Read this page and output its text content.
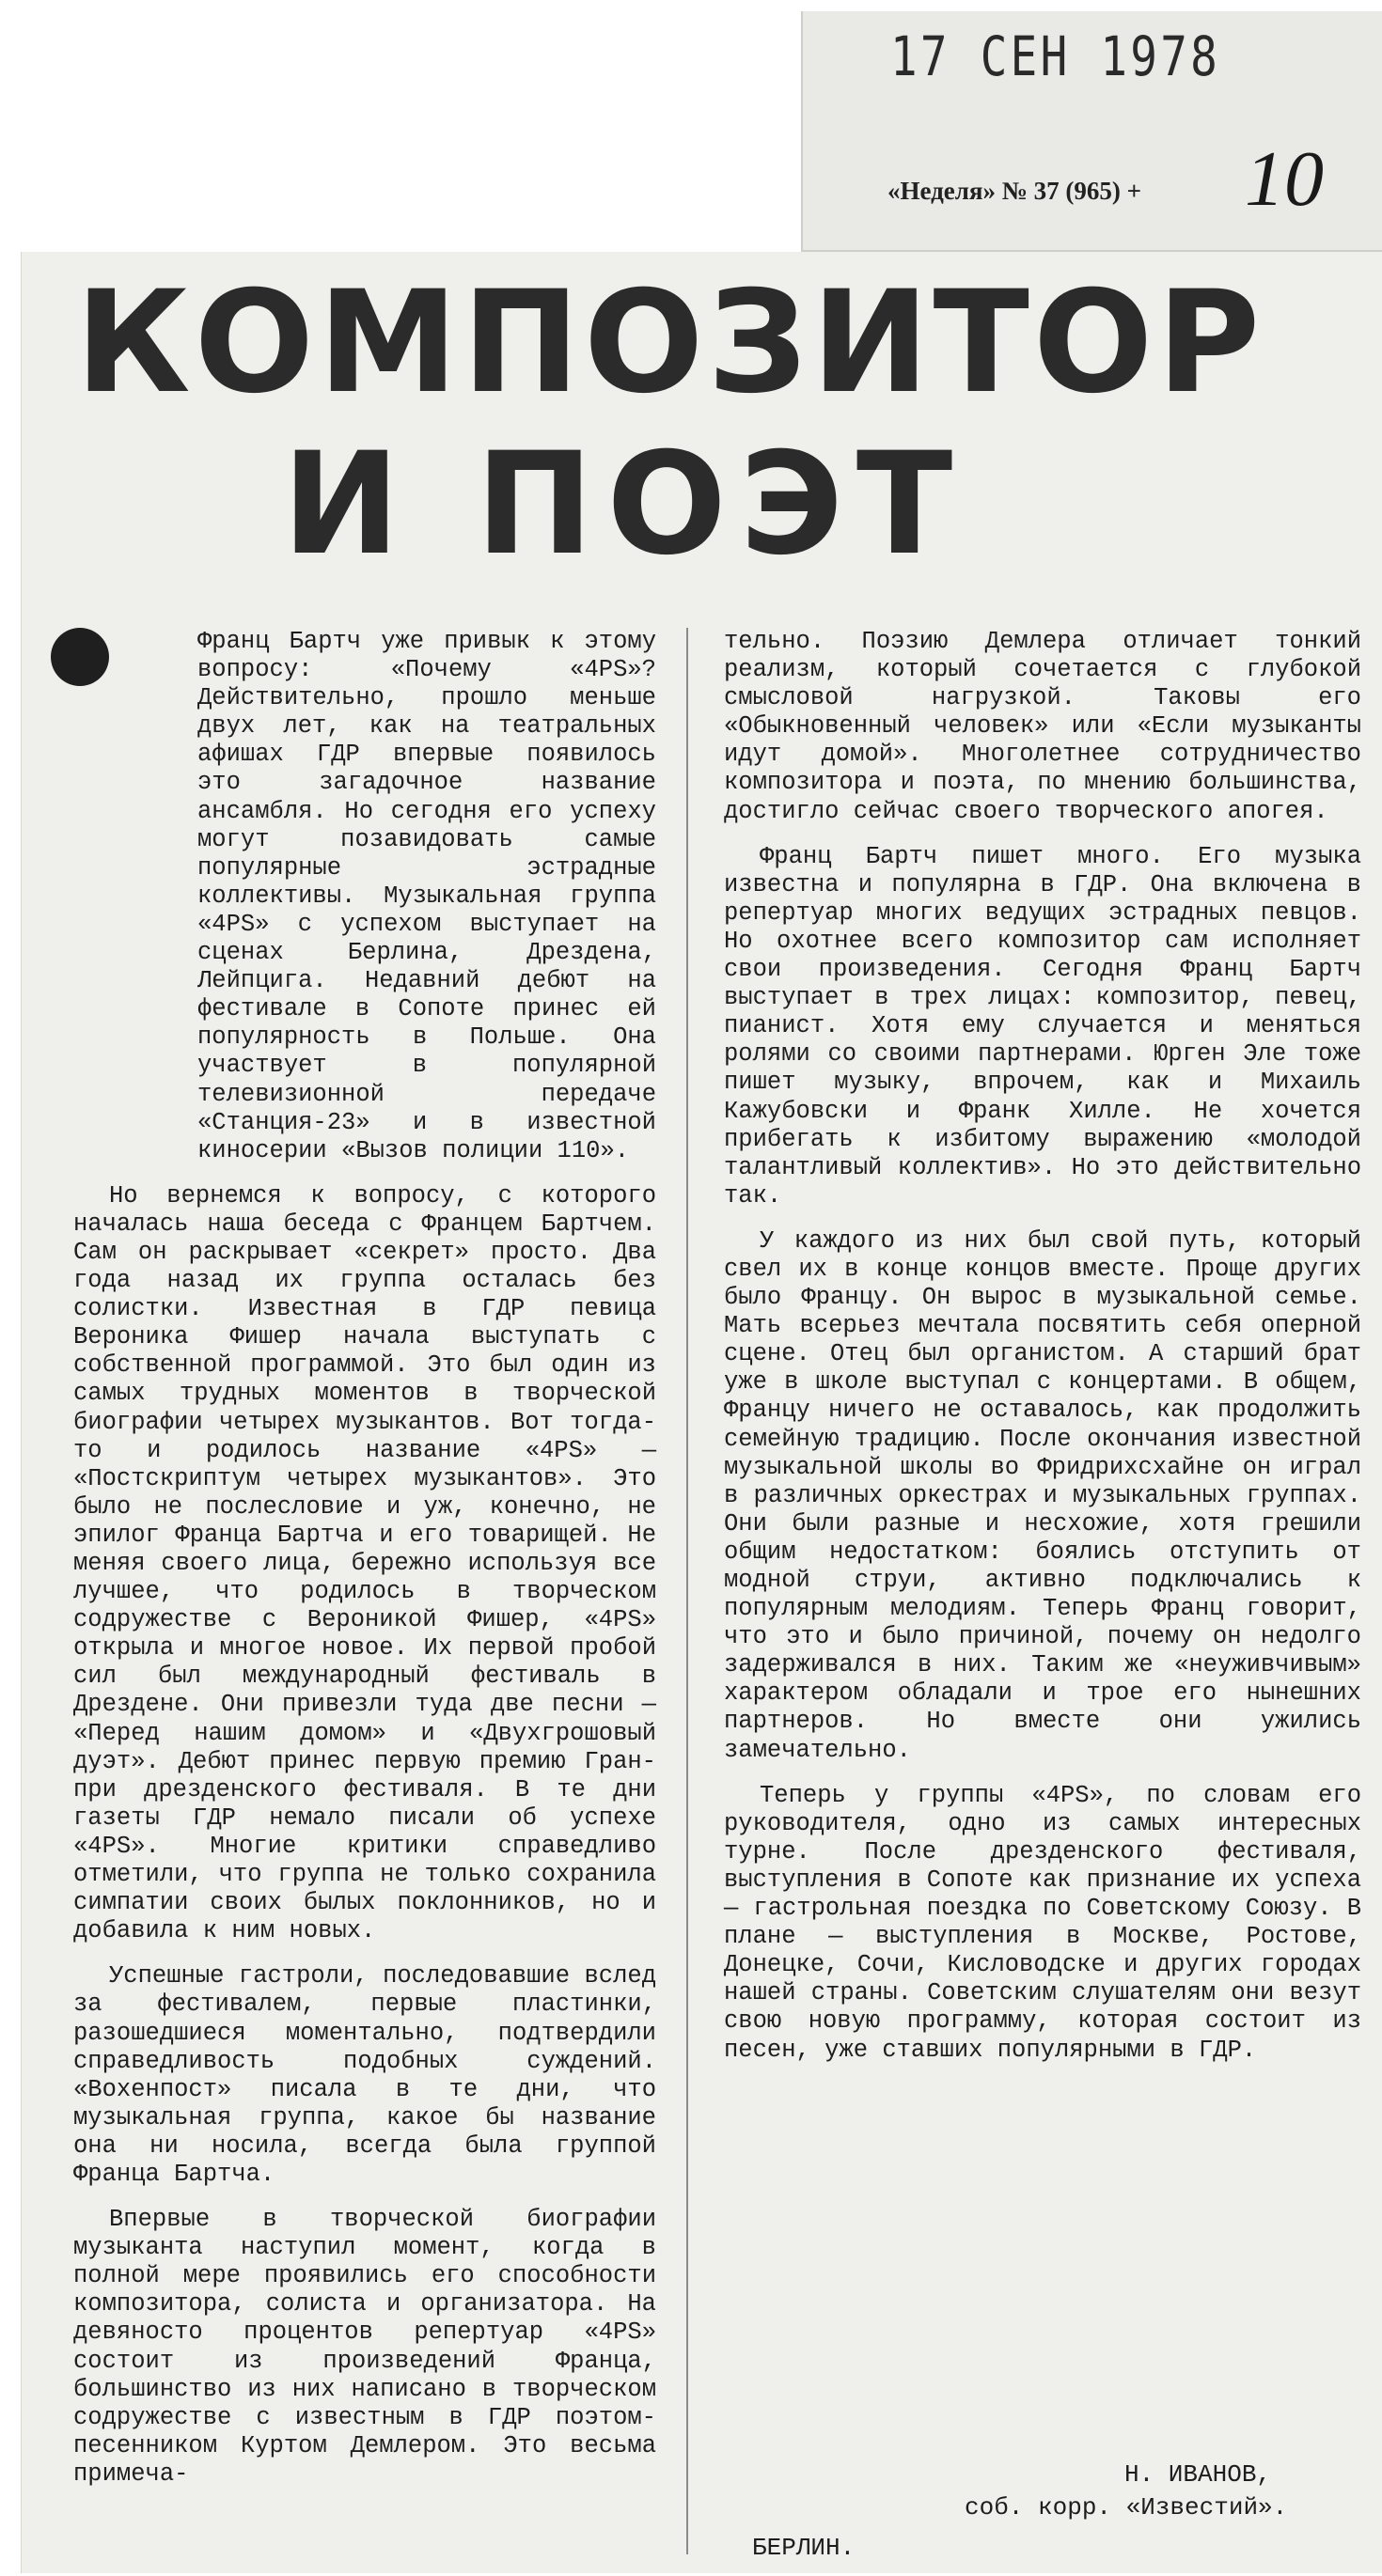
17 СЕН 1978
«Неделя» № 37 (965) + 10
КОМПОЗИТОР
И ПОЭТ

Франц Бартч уже привык к этому вопросу: «Почему «4PS»? Действительно, прошло меньше двух лет, как на театральных афишах ГДР впервые появилось это загадочное название ансамбля. Но сегодня его успеху могут позавидовать самые популярные эстрадные коллективы. Музыкальная группа «4PS» с успехом выступает на сценах Берлина, Дрездена, Лейпцига. Недавний дебют на фестивале в Сопоте принес ей популярность в Польше. Она участвует в популярной телевизионной передаче «Станция-23» и в известной киносерии «Вызов полиции 110».

Но вернемся к вопросу, с которого началась наша беседа с Францем Бартчем. Сам он раскрывает «секрет» просто. Два года назад их группа осталась без солистки. Известная в ГДР певица Вероника Фишер начала выступать с собственной программой. Это был один из самых трудных моментов в творческой биографии четырех музыкантов. Вот тогда-то и родилось название «4PS» — «Постскриптум четырех музыкантов». Это было не послесловие и уж, конечно, не эпилог Франца Бартча и его товарищей. Не меняя своего лица, бережно используя все лучшее, что родилось в творческом содружестве с Вероникой Фишер, «4PS» открыла и многое новое. Их первой пробой сил был международный фестиваль в Дрездене. Они привезли туда две песни — «Перед нашим домом» и «Двухгрошовый дуэт». Дебют принес первую премию Гран-при дрезденского фестиваля. В те дни газеты ГДР немало писали об успехе «4PS». Многие критики справедливо отметили, что группа не только сохранила симпатии своих былых поклонников, но и добавила к ним новых.

Успешные гастроли, последовавшие вслед за фестивалем, первые пластинки, разошедшиеся моментально, подтвердили справедливость подобных суждений. «Вохенпост» писала в те дни, что музыкальная группа, какое бы название она ни носила, всегда была группой Франца Бартча.

Впервые в творческой биографии музыканта наступил момент, когда в полной мере проявились его способности композитора, солиста и организатора. На девяносто процентов репертуар «4PS» состоит из произведений Франца, большинство из них написано в творческом содружестве с известным в ГДР поэтом-песенником Куртом Демлером. Это весьма примеча-

тельно. Поэзию Демлера отличает тонкий реализм, который сочетается с глубокой смысловой нагрузкой. Таковы его «Обыкновенный человек» или «Если музыканты идут домой». Многолетнее сотрудничество композитора и поэта, по мнению большинства, достигло сейчас своего творческого апогея.

Франц Бартч пишет много. Его музыка известна и популярна в ГДР. Она включена в репертуар многих ведущих эстрадных певцов. Но охотнее всего композитор сам исполняет свои произведения. Сегодня Франц Бартч выступает в трех лицах: композитор, певец, пианист. Хотя ему случается и меняться ролями со своими партнерами. Юрген Эле тоже пишет музыку, впрочем, как и Михаиль Кажубовски и Франк Хилле. Не хочется прибегать к избитому выражению «молодой талантливый коллектив». Но это действительно так.

У каждого из них был свой путь, который свел их в конце концов вместе. Проще других было Францу. Он вырос в музыкальной семье. Мать всерьез мечтала посвятить себя оперной сцене. Отец был органистом. А старший брат уже в школе выступал с концертами. В общем, Францу ничего не оставалось, как продолжить семейную традицию. После окончания известной музыкальной школы во Фридрихсхайне он играл в различных оркестрах и музыкальных группах. Они были разные и несхожие, хотя грешили общим недостатком: боялись отступить от модной струи, активно подключались к популярным мелодиям. Теперь Франц говорит, что это и было причиной, почему он недолго задерживался в них. Таким же «неуживчивым» характером обладали и трое его нынешних партнеров. Но вместе они ужились замечательно.

Теперь у группы «4PS», по словам его руководителя, одно из самых интересных турне. После дрезденского фестиваля, выступления в Сопоте как признание их успеха — гастрольная поездка по Советскому Союзу. В плане — выступления в Москве, Ростове, Донецке, Сочи, Кисловодске и других городах нашей страны. Советским слушателям они везут свою новую программу, которая состоит из песен, уже ставших популярными в ГДР.

Н. ИВАНОВ,
соб. корр. «Известий».
БЕРЛИН.
